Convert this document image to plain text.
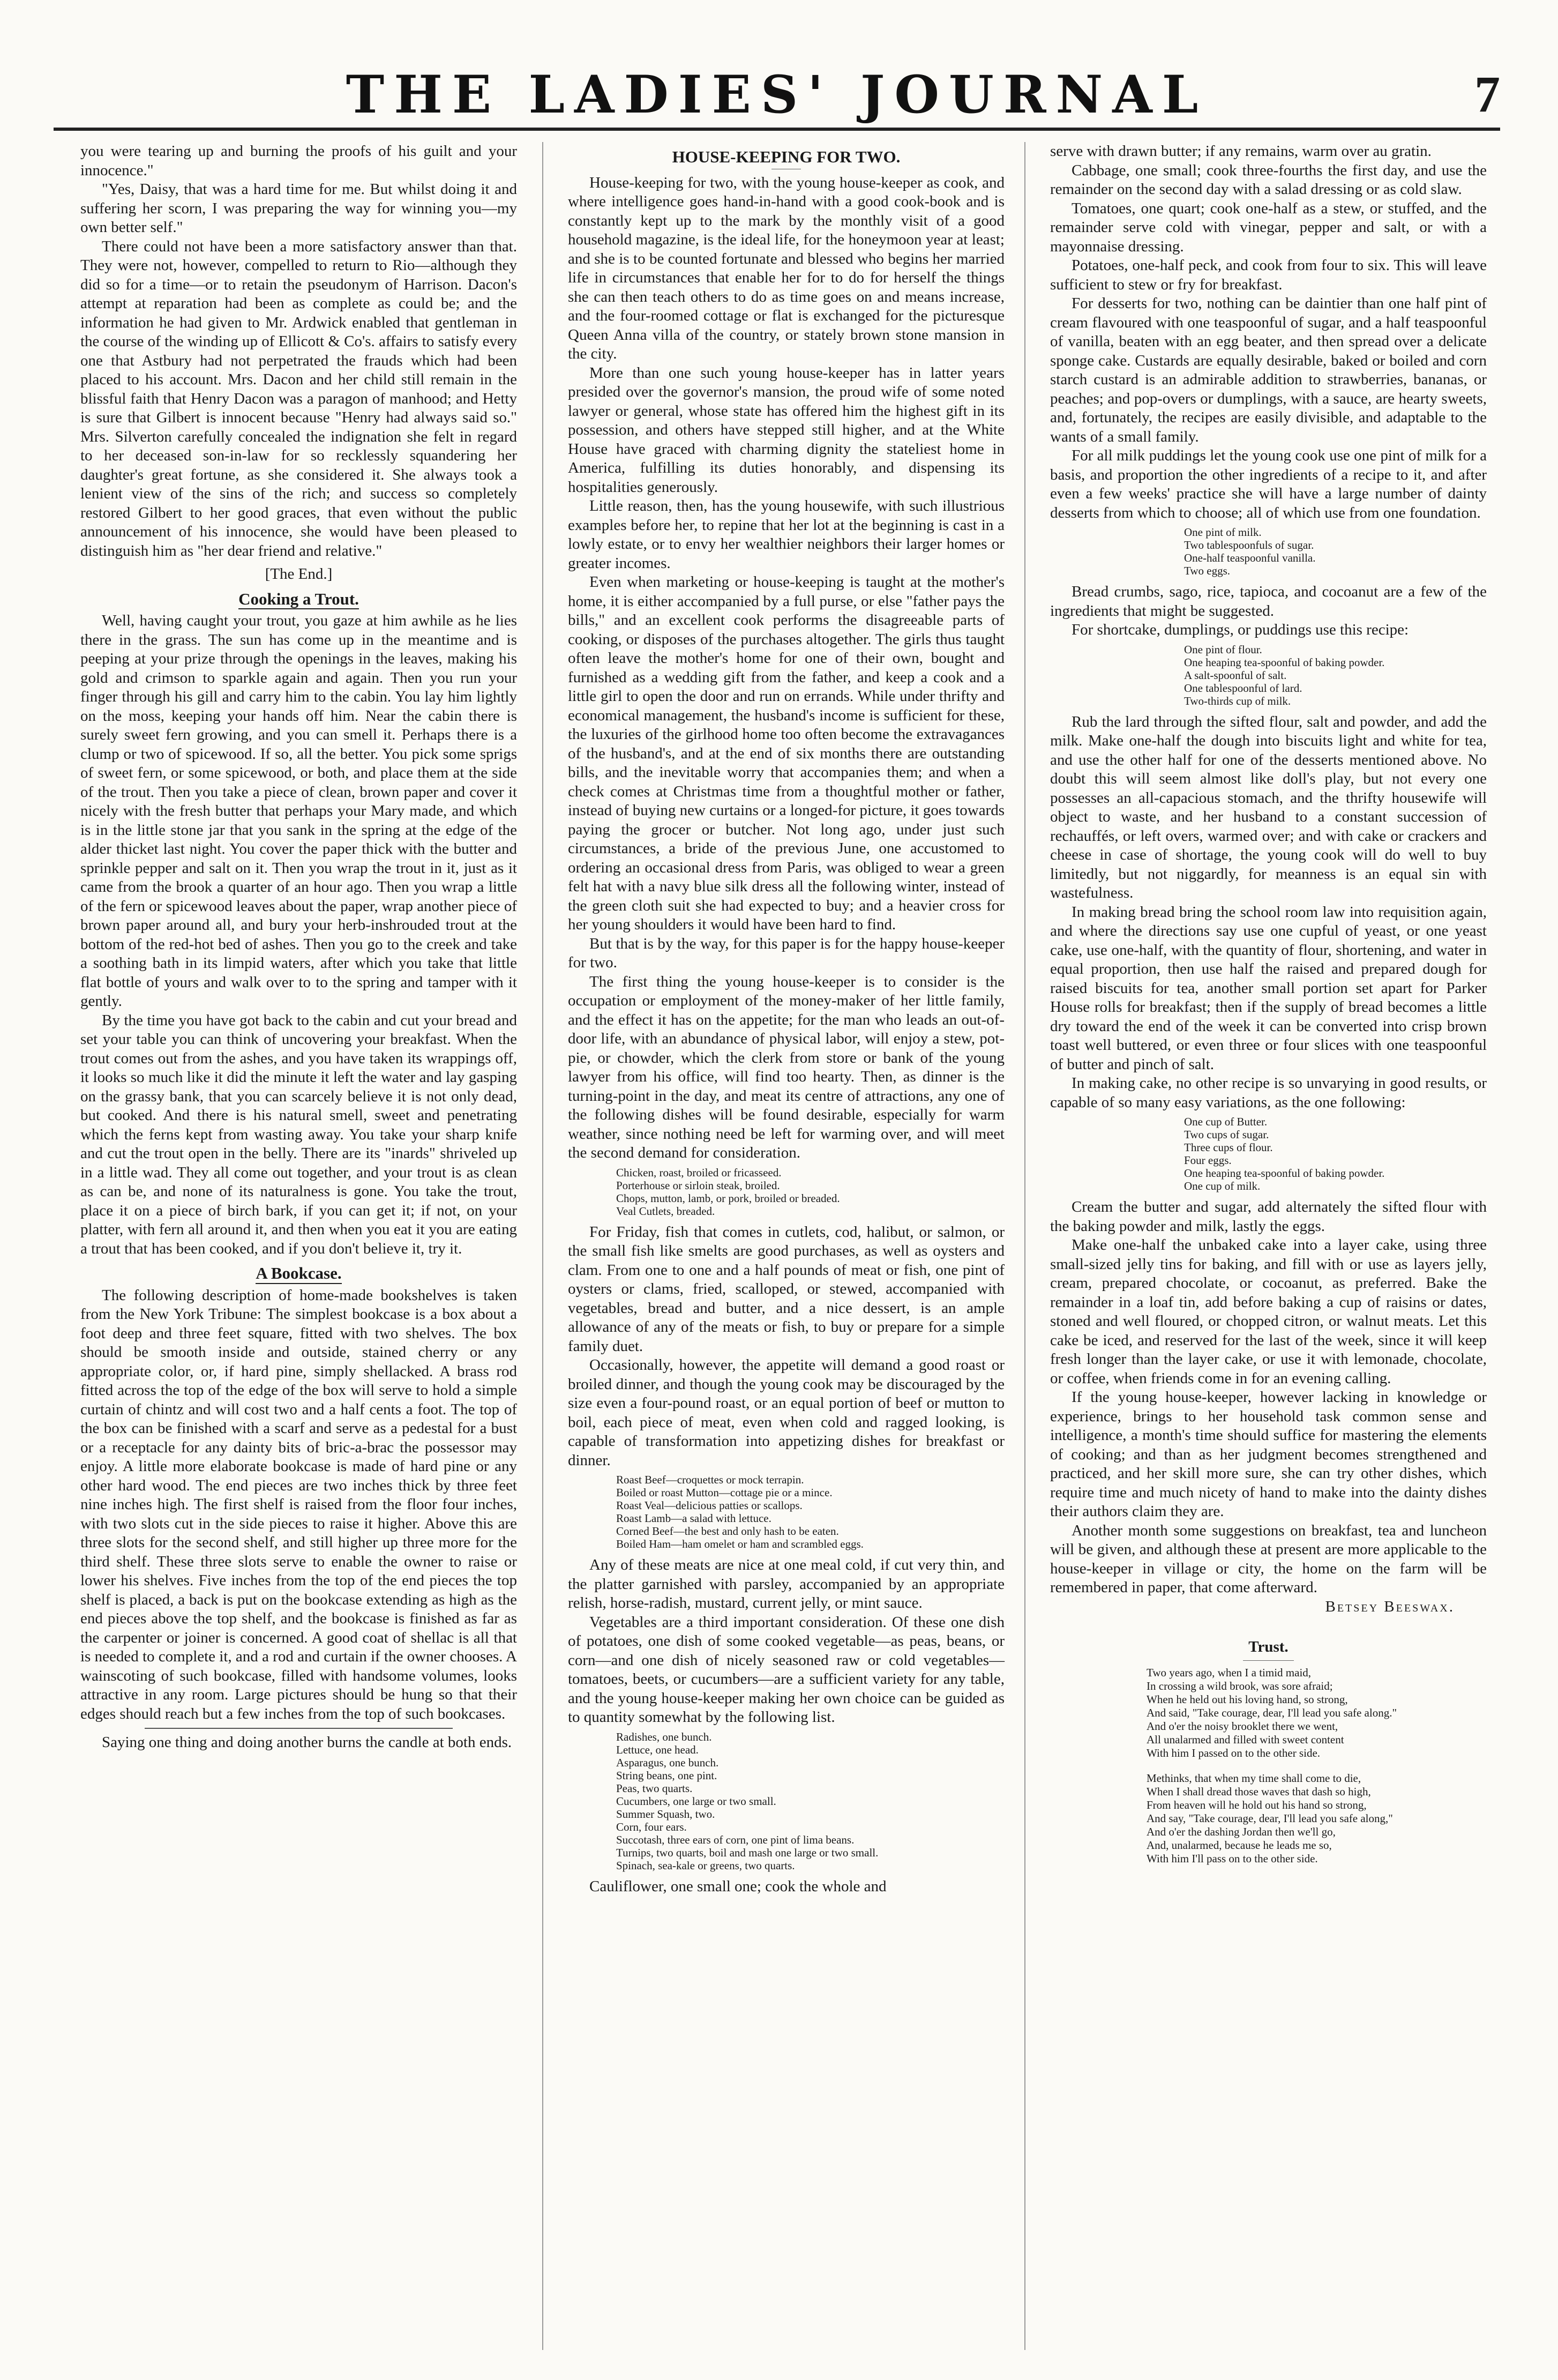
THE LADIES' JOURNAL	7

you were tearing up and burning the proofs of his guilt and your innocence."

"Yes, Daisy, that was a hard time for me. But whilst doing it and suffering her scorn, I was preparing the way for winning you—my own better self."

There could not have been a more satisfactory answer than that. They were not, however, compelled to return to Rio—although they did so for a time—or to retain the pseudonym of Harrison. Dacon's attempt at reparation had been as complete as could be; and the information he had given to Mr. Ardwick enabled that gentleman in the course of the winding up of Ellicott & Co's. affairs to satisfy every one that Astbury had not perpetrated the frauds which had been placed to his account. Mrs. Dacon and her child still remain in the blissful faith that Henry Dacon was a paragon of manhood; and Hetty is sure that Gilbert is innocent because "Henry had always said so." Mrs. Silverton carefully concealed the indignation she felt in regard to her deceased son-in-law for so recklessly squandering her daughter's great fortune, as she considered it. She always took a lenient view of the sins of the rich; and success so completely restored Gilbert to her good graces, that even without the public announcement of his innocence, she would have been pleased to distinguish him as "her dear friend and relative."

[The End.]
Cooking a Trout.

Well, having caught your trout, you gaze at him awhile as he lies there in the grass. The sun has come up in the meantime and is peeping at your prize through the openings in the leaves, making his gold and crimson to sparkle again and again. Then you run your finger through his gill and carry him to the cabin. You lay him lightly on the moss, keeping your hands off him. Near the cabin there is surely sweet fern growing, and you can smell it. Perhaps there is a clump or two of spicewood. If so, all the better. You pick some sprigs of sweet fern, or some spicewood, or both, and place them at the side of the trout. Then you take a piece of clean, brown paper and cover it nicely with the fresh butter that perhaps your Mary made, and which is in the little stone jar that you sank in the spring at the edge of the alder thicket last night. You cover the paper thick with the butter and sprinkle pepper and salt on it. Then you wrap the trout in it, just as it came from the brook a quarter of an hour ago. Then you wrap a little of the fern or spicewood leaves about the paper, wrap another piece of brown paper around all, and bury your herb-inshrouded trout at the bottom of the red-hot bed of ashes. Then you go to the creek and take a soothing bath in its limpid waters, after which you take that little flat bottle of yours and walk over to to the spring and tamper with it gently.

By the time you have got back to the cabin and cut your bread and set your table you can think of uncovering your breakfast. When the trout comes out from the ashes, and you have taken its wrappings off, it looks so much like it did the minute it left the water and lay gasping on the grassy bank, that you can scarcely believe it is not only dead, but cooked. And there is his natural smell, sweet and penetrating which the ferns kept from wasting away. You take your sharp knife and cut the trout open in the belly. There are its "inards" shriveled up in a little wad. They all come out together, and your trout is as clean as can be, and none of its naturalness is gone. You take the trout, place it on a piece of birch bark, if you can get it; if not, on your platter, with fern all around it, and then when you eat it you are eating a trout that has been cooked, and if you don't believe it, try it.

A Bookcase.

The following description of home-made bookshelves is taken from the New York Tribune: The simplest bookcase is a box about a foot deep and three feet square, fitted with two shelves. The box should be smooth inside and outside, stained cherry or any appropriate color, or, if hard pine, simply shellacked. A brass rod fitted across the top of the edge of the box will serve to hold a simple curtain of chintz and will cost two and a half cents a foot. The top of the box can be finished with a scarf and serve as a pedestal for a bust or a receptacle for any dainty bits of bric-a-brac the possessor may enjoy. A little more elaborate bookcase is made of hard pine or any other hard wood. The end pieces are two inches thick by three feet nine inches high. The first shelf is raised from the floor four inches, with two slots cut in the side pieces to raise it higher. Above this are three slots for the second shelf, and still higher up three more for the third shelf. These three slots serve to enable the owner to raise or lower his shelves. Five inches from the top of the end pieces the top shelf is placed, a back is put on the bookcase extending as high as the end pieces above the top shelf, and the bookcase is finished as far as the carpenter or joiner is concerned. A good coat of shellac is all that is needed to complete it, and a rod and curtain if the owner chooses. A wainscoting of such bookcase, filled with handsome volumes, looks attractive in any room. Large pictures should be hung so that their edges should reach but a few inches from the top of such bookcases.

Saying one thing and doing another burns the candle at both ends.

HOUSE-KEEPING FOR TWO.

House-keeping for two, with the young house-keeper as cook, and where intelligence goes hand-in-hand with a good cook-book and is constantly kept up to the mark by the monthly visit of a good household magazine, is the ideal life, for the honeymoon year at least; and she is to be counted fortunate and blessed who begins her married life in circumstances that enable her for to do for herself the things she can then teach others to do as time goes on and means increase, and the four-roomed cottage or flat is exchanged for the picturesque Queen Anna villa of the country, or stately brown stone mansion in the city.

More than one such young house-keeper has in latter years presided over the governor's mansion, the proud wife of some noted lawyer or general, whose state has offered him the highest gift in its possession, and others have stepped still higher, and at the White House have graced with charming dignity the stateliest home in America, fulfilling its duties honorably, and dispensing its hospitalities generously.

Little reason, then, has the young housewife, with such illustrious examples before her, to repine that her lot at the beginning is cast in a lowly estate, or to envy her wealthier neighbors their larger homes or greater incomes.

Even when marketing or house-keeping is taught at the mother's home, it is either accompanied by a full purse, or else "father pays the bills," and an excellent cook performs the disagreeable parts of cooking, or disposes of the purchases altogether. The girls thus taught often leave the mother's home for one of their own, bought and furnished as a wedding gift from the father, and keep a cook and a little girl to open the door and run on errands. While under thrifty and economical management, the husband's income is sufficient for these, the luxuries of the girlhood home too often become the extravagances of the husband's, and at the end of six months there are outstanding bills, and the inevitable worry that accompanies them; and when a check comes at Christmas time from a thoughtful mother or father, instead of buying new curtains or a longed-for picture, it goes towards paying the grocer or butcher. Not long ago, under just such circumstances, a bride of the previous June, one accustomed to ordering an occasional dress from Paris, was obliged to wear a green felt hat with a navy blue silk dress all the following winter, instead of the green cloth suit she had expected to buy; and a heavier cross for her young shoulders it would have been hard to find.

But that is by the way, for this paper is for the happy house-keeper for two.

The first thing the young house-keeper is to consider is the occupation or employment of the money-maker of her little family, and the effect it has on the appetite; for the man who leads an out-of-door life, with an abundance of physical labor, will enjoy a stew, pot-pie, or chowder, which the clerk from store or bank of the young lawyer from his office, will find too hearty. Then, as dinner is the turning-point in the day, and meat its centre of attractions, any one of the following dishes will be found desirable, especially for warm weather, since nothing need be left for warming over, and will meet the second demand for consideration.

Chicken, roast, broiled or fricasseed.
Porterhouse or sirloin steak, broiled.
Chops, mutton, lamb, or pork, broiled or breaded.
Veal Cutlets, breaded.

For Friday, fish that comes in cutlets, cod, halibut, or salmon, or the small fish like smelts are good purchases, as well as oysters and clam. From one to one and a half pounds of meat or fish, one pint of oysters or clams, fried, scalloped, or stewed, accompanied with vegetables, bread and butter, and a nice dessert, is an ample allowance of any of the meats or fish, to buy or prepare for a simple family duet.

Occasionally, however, the appetite will demand a good roast or broiled dinner, and though the young cook may be discouraged by the size even a four-pound roast, or an equal portion of beef or mutton to boil, each piece of meat, even when cold and ragged looking, is capable of transformation into appetizing dishes for breakfast or dinner.

Roast Beef—croquettes or mock terrapin.
Boiled or roast Mutton—cottage pie or a mince.
Roast Veal—delicious patties or scallops.
Roast Lamb—a salad with lettuce.
Corned Beef—the best and only hash to be eaten.
Boiled Ham—ham omelet or ham and scrambled eggs.

Any of these meats are nice at one meal cold, if cut very thin, and the platter garnished with parsley, accompanied by an appropriate relish, horse-radish, mustard, current jelly, or mint sauce.

Vegetables are a third important consideration. Of these one dish of potatoes, one dish of some cooked vegetable—as peas, beans, or corn—and one dish of nicely seasoned raw or cold vegetables—tomatoes, beets, or cucumbers—are a sufficient variety for any table, and the young house-keeper making her own choice can be guided as to quantity somewhat by the following list.

Radishes, one bunch.
Lettuce, one head.
Asparagus, one bunch.
String beans, one pint.
Peas, two quarts.
Cucumbers, one large or two small.
Summer Squash, two.
Corn, four ears.
Succotash, three ears of corn, one pint of lima beans.
Turnips, two quarts, boil and mash one large or two small.
Spinach, sea-kale or greens, two quarts.

Cauliflower, one small one; cook the whole and

serve with drawn butter; if any remains, warm over au gratin.

Cabbage, one small; cook three-fourths the first day, and use the remainder on the second day with a salad dressing or as cold slaw.

Tomatoes, one quart; cook one-half as a stew, or stuffed, and the remainder serve cold with vinegar, pepper and salt, or with a mayonnaise dressing.

Potatoes, one-half peck, and cook from four to six. This will leave sufficient to stew or fry for breakfast.

For desserts for two, nothing can be daintier than one half pint of cream flavoured with one teaspoonful of sugar, and a half teaspoonful of vanilla, beaten with an egg beater, and then spread over a delicate sponge cake. Custards are equally desirable, baked or boiled and corn starch custard is an admirable addition to strawberries, bananas, or peaches; and pop-overs or dumplings, with a sauce, are hearty sweets, and, fortunately, the recipes are easily divisible, and adaptable to the wants of a small family.

For all milk puddings let the young cook use one pint of milk for a basis, and proportion the other ingredients of a recipe to it, and after even a few weeks' practice she will have a large number of dainty desserts from which to choose; all of which use from one foundation.

One pint of milk.
Two tablespoonfuls of sugar.
One-half teaspoonful vanilla.
Two eggs.

Bread crumbs, sago, rice, tapioca, and cocoanut are a few of the ingredients that might be suggested.

For shortcake, dumplings, or puddings use this recipe:

One pint of flour.
One heaping tea-spoonful of baking powder.
A salt-spoonful of salt.
One tablespoonful of lard.
Two-thirds cup of milk.

Rub the lard through the sifted flour, salt and powder, and add the milk. Make one-half the dough into biscuits light and white for tea, and use the other half for one of the desserts mentioned above. No doubt this will seem almost like doll's play, but not every one possesses an all-capacious stomach, and the thrifty housewife will object to waste, and her husband to a constant succession of rechauffés, or left overs, warmed over; and with cake or crackers and cheese in case of shortage, the young cook will do well to buy limitedly, but not niggardly, for meanness is an equal sin with wastefulness.

In making bread bring the school room law into requisition again, and where the directions say use one cupful of yeast, or one yeast cake, use one-half, with the quantity of flour, shortening, and water in equal proportion, then use half the raised and prepared dough for raised biscuits for tea, another small portion set apart for Parker House rolls for breakfast; then if the supply of bread becomes a little dry toward the end of the week it can be converted into crisp brown toast well buttered, or even three or four slices with one teaspoonful of butter and pinch of salt.

In making cake, no other recipe is so unvarying in good results, or capable of so many easy variations, as the one following:

One cup of Butter.
Two cups of sugar.
Three cups of flour.
Four eggs.
One heaping tea-spoonful of baking powder.
One cup of milk.

Cream the butter and sugar, add alternately the sifted flour with the baking powder and milk, lastly the eggs.

Make one-half the unbaked cake into a layer cake, using three small-sized jelly tins for baking, and fill with or use as layers jelly, cream, prepared chocolate, or cocoanut, as preferred. Bake the remainder in a loaf tin, add before baking a cup of raisins or dates, stoned and well floured, or chopped citron, or walnut meats. Let this cake be iced, and reserved for the last of the week, since it will keep fresh longer than the layer cake, or use it with lemonade, chocolate, or coffee, when friends come in for an evening calling.

If the young house-keeper, however lacking in knowledge or experience, brings to her household task common sense and intelligence, a month's time should suffice for mastering the elements of cooking; and than as her judgment becomes strengthened and practiced, and her skill more sure, she can try other dishes, which require time and much nicety of hand to make into the dainty dishes their authors claim they are.

Another month some suggestions on breakfast, tea and luncheon will be given, and although these at present are more applicable to the house-keeper in village or city, the home on the farm will be remembered in paper, that come afterward.

Betsey Beeswax.
Trust.
Two years ago, when I a timid maid,
In crossing a wild brook, was sore afraid;
When he held out his loving hand, so strong,
And said, "Take courage, dear, I'll lead you safe along."
And o'er the noisy brooklet there we went,
All unalarmed and filled with sweet content
With him I passed on to the other side.
Methinks, that when my time shall come to die,
When I shall dread those waves that dash so high,
From heaven will he hold out his hand so strong,
And say, "Take courage, dear, I'll lead you safe along,"
And o'er the dashing Jordan then we'll go,
And, unalarmed, because he leads me so,
With him I'll pass on to the other side.
